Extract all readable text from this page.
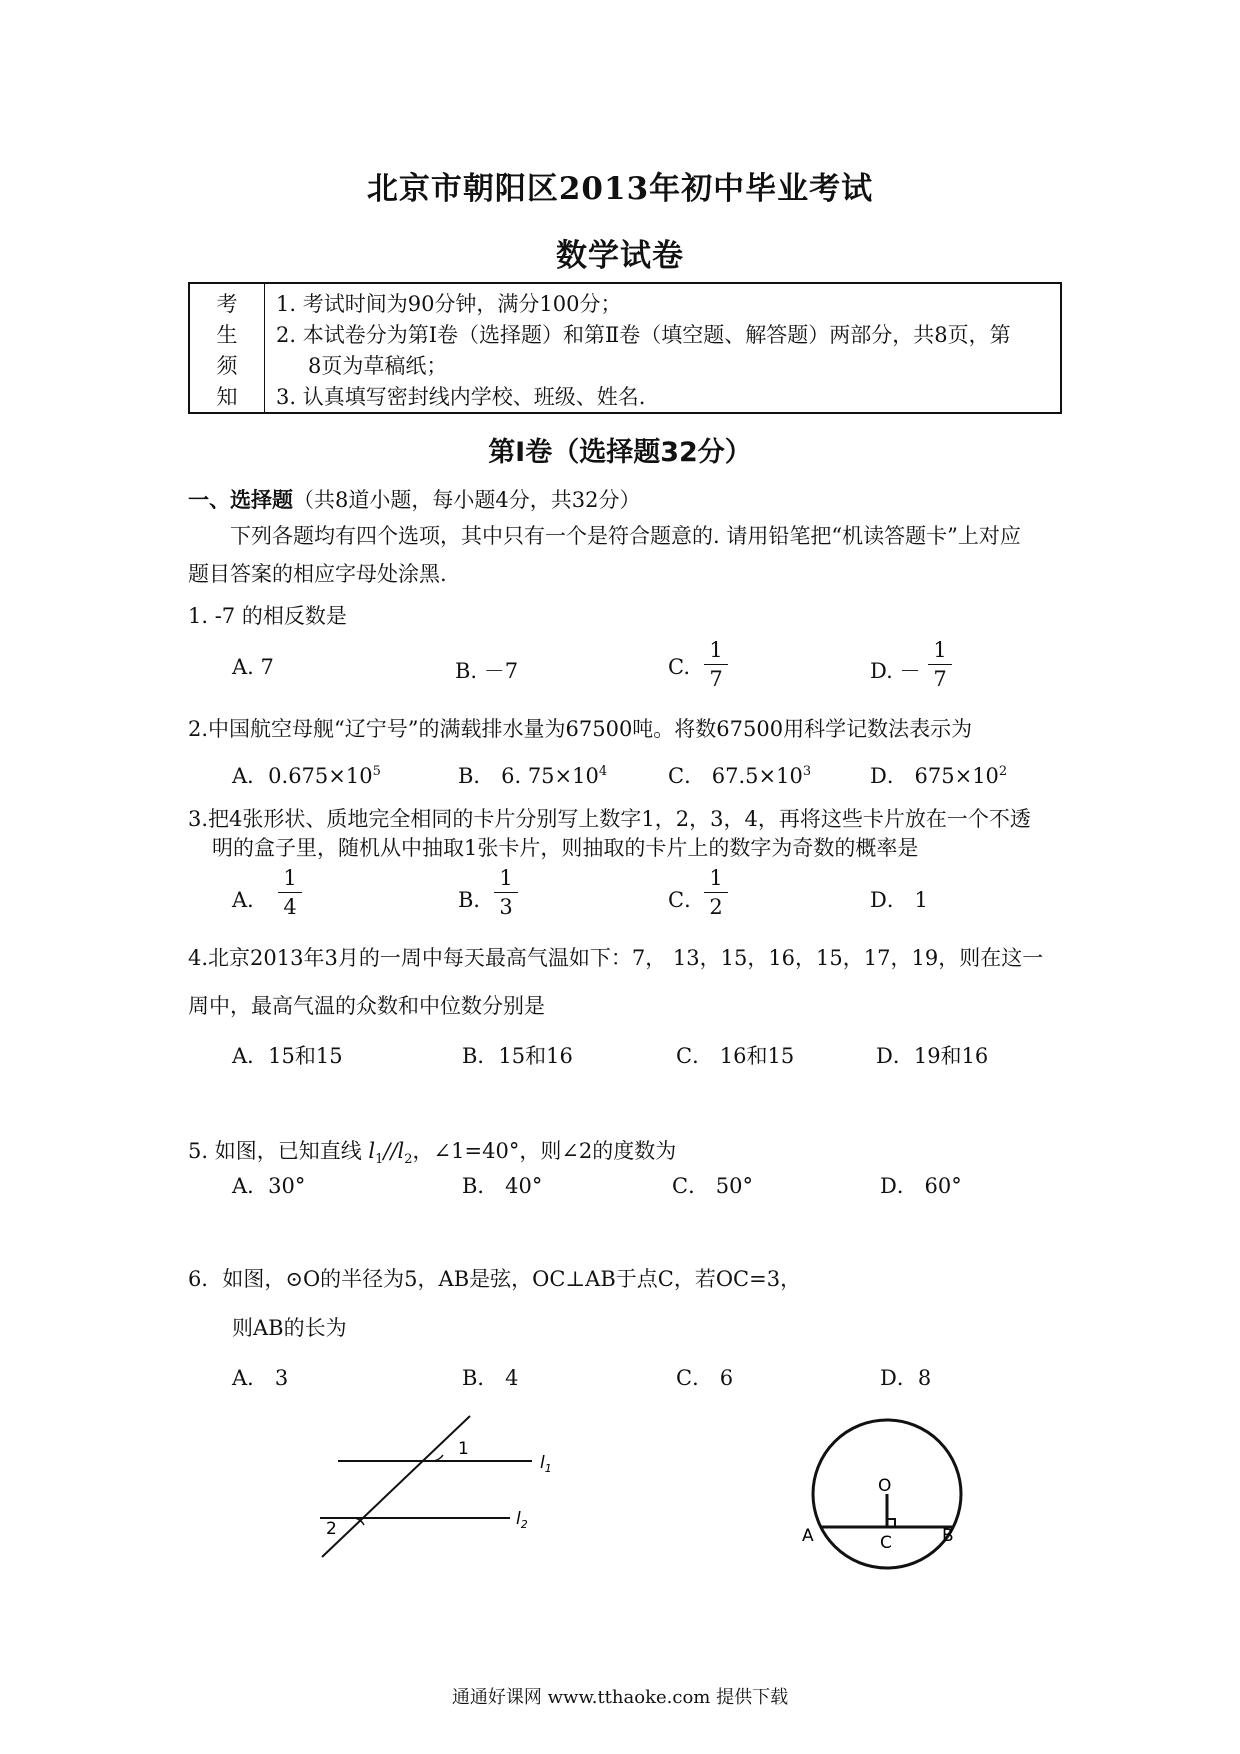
北京市朝阳区2013年初中毕业考试
数学试卷
考
生
须
知
1. 考试时间为90分钟，满分100分；
2. 本试卷分为第Ⅰ卷（选择题）和第Ⅱ卷（填空题、解答题）两部分，共8页，第
8页为草稿纸；
3. 认真填写密封线内学校、班级、姓名.
第Ⅰ卷（选择题32分）
一、选择题（共8道小题，每小题4分，共32分）
下列各题均有四个选项，其中只有一个是符合题意的. 请用铅笔把“机读答题卡”上对应
题目答案的相应字母处涂黑.
1. -7 的相反数是
A. 7	B. －7	C.
1
7	D. －
1
7
2.中国航空母舰“辽宁号”的满载排水量为67500吨。将数67500用科学记数法表示为
A．$0.675\times 10^5$	B． 6. $75\times 10^4$	C． $67.5\times 10^3$	D． $675\times 10^2$
3.把4张形状、质地完全相同的卡片分别写上数字1，2，3，4，再将这些卡片放在一个不透
明的盒子里，随机从中抽取1张卡片，则抽取的卡片上的数字为奇数的概率是
A．
1
4	B．
1
3	C．
1
2	D． 1
4.北京2013年3月的一周中每天最高气温如下：7， 13，15，16，15，17，19，则在这一
周中，最高气温的众数和中位数分别是
A．15和15	B．15和16	C． 16和15	D．19和16
5. 如图，已知直线 $l_1//l_2$，∠1=40°，则∠2的度数为
A．30°	B． 40°	C． 50°	D． 60°
6．如图，⊙O的半径为5，AB是弦，OC⊥AB于点C，若OC=3，
则AB的长为
A． 3	B． 4	C． 6	D．8
1
2
$l_1$
$l_2$
O
A	B
C
通通好课网 www.tthaoke.com 提供下载
